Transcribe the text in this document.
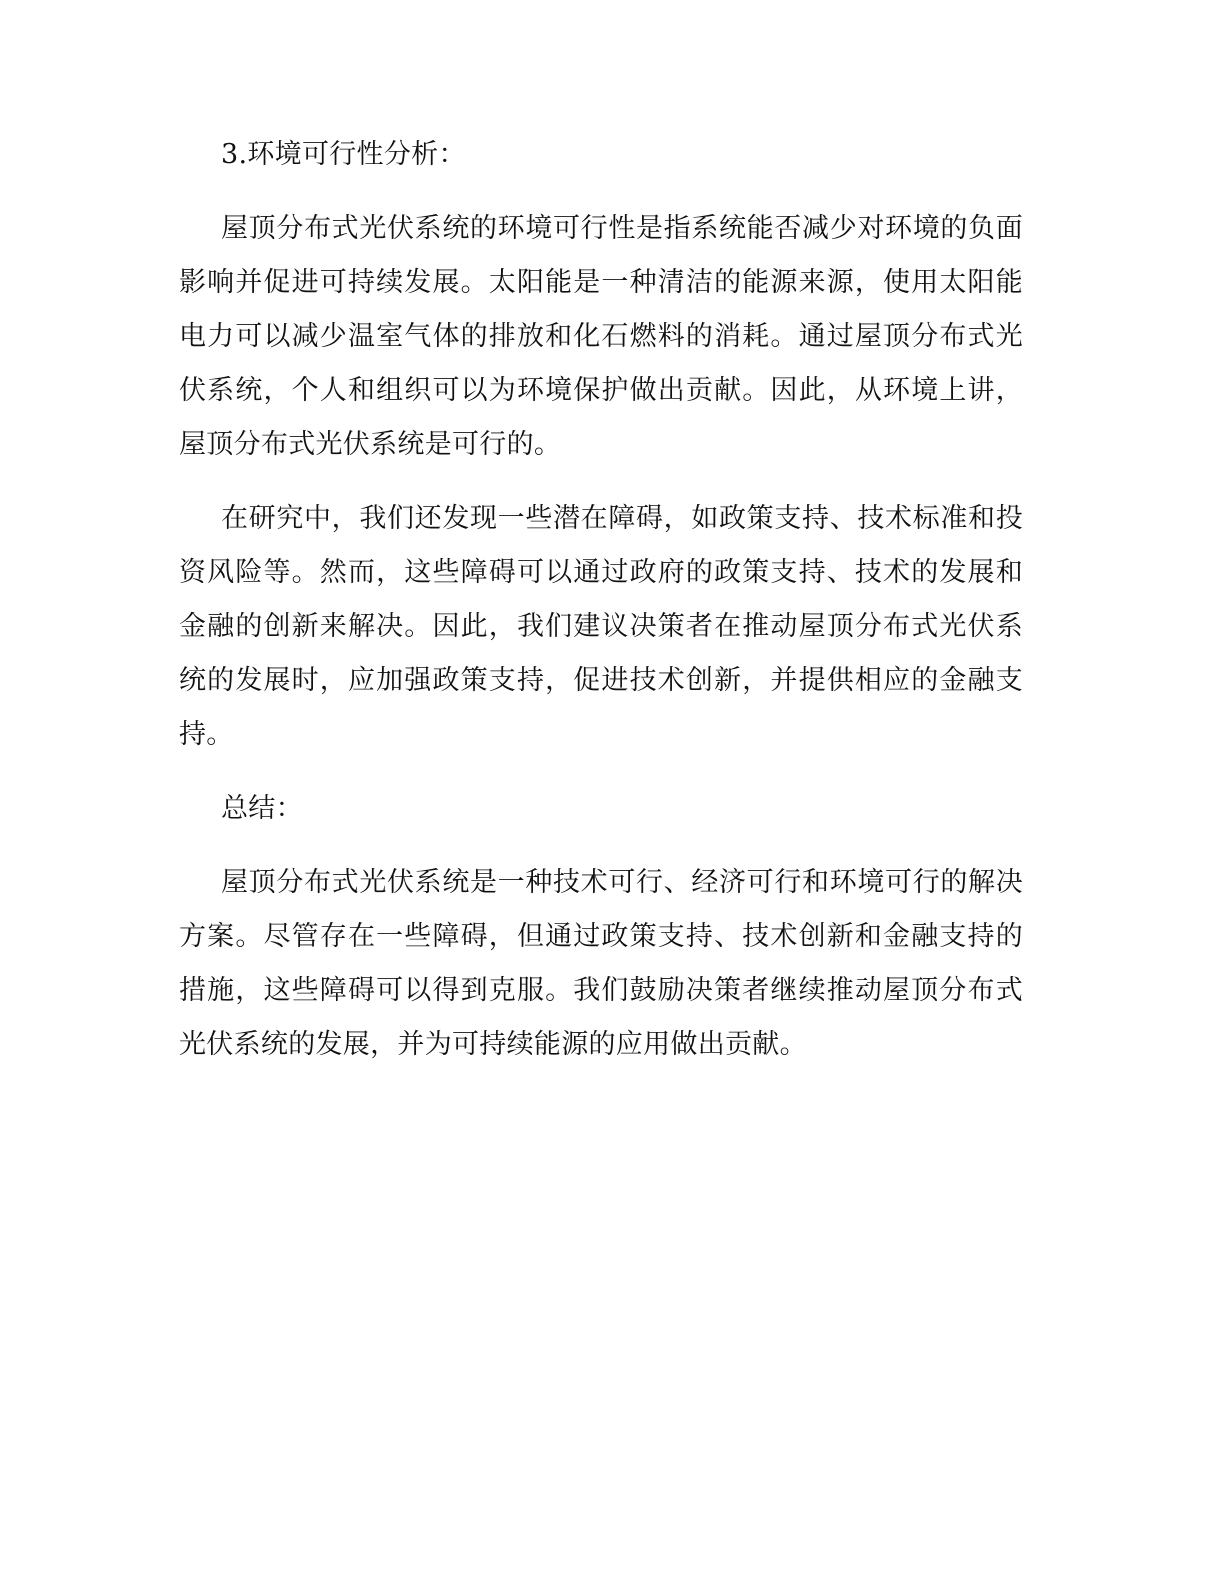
3.环境可行性分析：

屋顶分布式光伏系统的环境可行性是指系统能否减少对环境的负面影响并促进可持续发展。太阳能是一种清洁的能源来源，使用太阳能电力可以减少温室气体的排放和化石燃料的消耗。通过屋顶分布式光伏系统，个人和组织可以为环境保护做出贡献。因此，从环境上讲，屋顶分布式光伏系统是可行的。

在研究中，我们还发现一些潜在障碍，如政策支持、技术标准和投资风险等。然而，这些障碍可以通过政府的政策支持、技术的发展和金融的创新来解决。因此，我们建议决策者在推动屋顶分布式光伏系统的发展时，应加强政策支持，促进技术创新，并提供相应的金融支持。

总结：

屋顶分布式光伏系统是一种技术可行、经济可行和环境可行的解决方案。尽管存在一些障碍，但通过政策支持、技术创新和金融支持的措施，这些障碍可以得到克服。我们鼓励决策者继续推动屋顶分布式光伏系统的发展，并为可持续能源的应用做出贡献。
